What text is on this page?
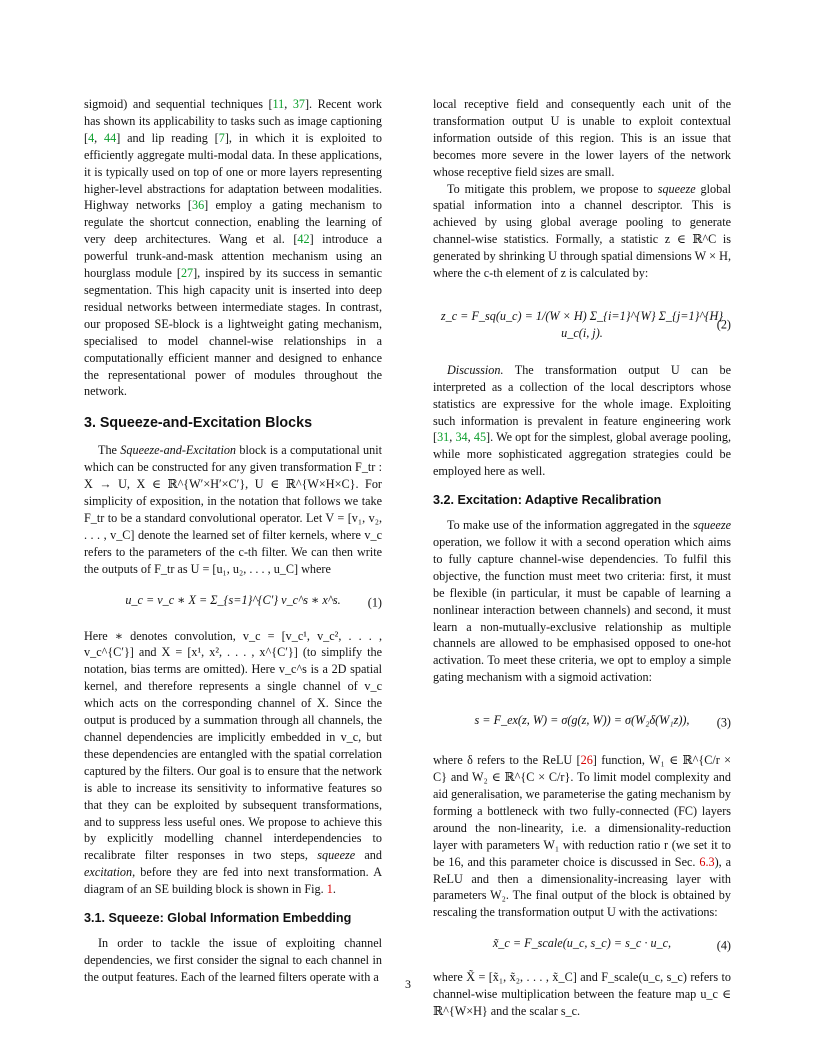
sigmoid) and sequential techniques [11, 37]. Recent work has shown its applicability to tasks such as image captioning [4, 44] and lip reading [7], in which it is exploited to efficiently aggregate multi-modal data. In these applications, it is typically used on top of one or more layers representing higher-level abstractions for adaptation between modalities. Highway networks [36] employ a gating mechanism to regulate the shortcut connection, enabling the learning of very deep architectures. Wang et al. [42] introduce a powerful trunk-and-mask attention mechanism using an hourglass module [27], inspired by its success in semantic segmentation. This high capacity unit is inserted into deep residual networks between intermediate stages. In contrast, our proposed SE-block is a lightweight gating mechanism, specialised to model channel-wise relationships in a computationally efficient manner and designed to enhance the representational power of modules throughout the network.

3. Squeeze-and-Excitation Blocks

The Squeeze-and-Excitation block is a computational unit which can be constructed for any given transformation F_tr : X → U, X ∈ ℝ^{W′×H′×C′}, U ∈ ℝ^{W×H×C}. For simplicity of exposition, in the notation that follows we take F_tr to be a standard convolutional operator. Let V = [v₁, v₂, . . . , v_C] denote the learned set of filter kernels, where v_c refers to the parameters of the c-th filter. We can then write the outputs of F_tr as U = [u₁, u₂, . . . , u_C] where

u_c = v_c ∗ X = Σ_{s=1}^{C′} v_c^s ∗ x^s. (1)

Here ∗ denotes convolution, v_c = [v_c¹, v_c², . . . , v_c^{C′}] and X = [x¹, x², . . . , x^{C′}] (to simplify the notation, bias terms are omitted). Here v_c^s is a 2D spatial kernel, and therefore represents a single channel of v_c which acts on the corresponding channel of X. Since the output is produced by a summation through all channels, the channel dependencies are implicitly embedded in v_c, but these dependencies are entangled with the spatial correlation captured by the filters. Our goal is to ensure that the network is able to increase its sensitivity to informative features so that they can be exploited by subsequent transformations, and to suppress less useful ones. We propose to achieve this by explicitly modelling channel interdependencies to recalibrate filter responses in two steps, squeeze and excitation, before they are fed into next transformation. A diagram of an SE building block is shown in Fig. 1.

3.1. Squeeze: Global Information Embedding

In order to tackle the issue of exploiting channel dependencies, we first consider the signal to each channel in the output features. Each of the learned filters operate with a

local receptive field and consequently each unit of the transformation output U is unable to exploit contextual information outside of this region. This is an issue that becomes more severe in the lower layers of the network whose receptive field sizes are small.

To mitigate this problem, we propose to squeeze global spatial information into a channel descriptor. This is achieved by using global average pooling to generate channel-wise statistics. Formally, a statistic z ∈ ℝ^C is generated by shrinking U through spatial dimensions W × H, where the c-th element of z is calculated by:

z_c = F_sq(u_c) = 1/(W × H) Σ_{i=1}^{W} Σ_{j=1}^{H} u_c(i, j).
(2)

Discussion. The transformation output U can be interpreted as a collection of the local descriptors whose statistics are expressive for the whole image. Exploiting such information is prevalent in feature engineering work [31, 34, 45]. We opt for the simplest, global average pooling, while more sophisticated aggregation strategies could be employed here as well.

3.2. Excitation: Adaptive Recalibration

To make use of the information aggregated in the squeeze operation, we follow it with a second operation which aims to fully capture channel-wise dependencies. To fulfil this objective, the function must meet two criteria: first, it must be flexible (in particular, it must be capable of learning a nonlinear interaction between channels) and second, it must learn a non-mutually-exclusive relationship as multiple channels are allowed to be emphasised opposed to one-hot activation. To meet these criteria, we opt to employ a simple gating mechanism with a sigmoid activation:

s = F_ex(z, W) = σ(g(z, W)) = σ(W₂δ(W₁z)), (3)

where δ refers to the ReLU [26] function, W₁ ∈ ℝ^{C/r × C} and W₂ ∈ ℝ^{C × C/r}. To limit model complexity and aid generalisation, we parameterise the gating mechanism by forming a bottleneck with two fully-connected (FC) layers around the non-linearity, i.e. a dimensionality-reduction layer with parameters W₁ with reduction ratio r (we set it to be 16, and this parameter choice is discussed in Sec. 6.3), a ReLU and then a dimensionality-increasing layer with parameters W₂. The final output of the block is obtained by rescaling the transformation output U with the activations:

x̃_c = F_scale(u_c, s_c) = s_c · u_c,	(4)

where X̃ = [x̃₁, x̃₂, . . . , x̃_C] and F_scale(u_c, s_c) refers to channel-wise multiplication between the feature map u_c ∈ ℝ^{W×H} and the scalar s_c.

3
